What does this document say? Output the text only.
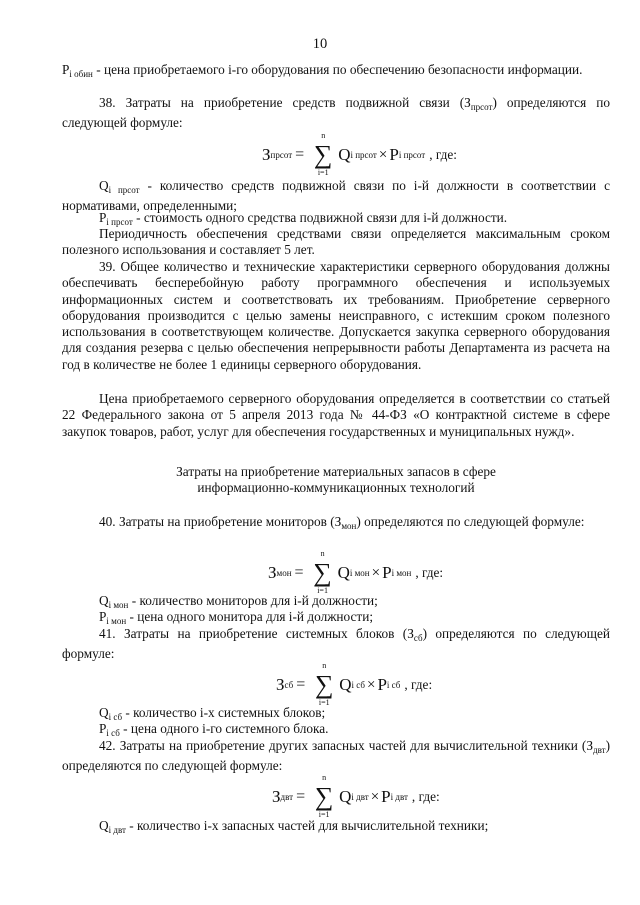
10

$P_{i обин}$ - цена приобретаемого i-го оборудования по обеспечению безопасности информации.

38. Затраты на приобретение средств подвижной связи $(З_{прсот})$ определяются по следующей формуле:

З прсот = ∑
n
i=1
Q i прсот × P i прсот , где:

$Q_{i прсот}$ - количество средств подвижной связи по i-й должности в соответствии с нормативами, определенными;

$P_{i прсот}$ - стоимость одного средства подвижной связи для i-й должности.

Периодичность обеспечения средствами связи определяется максимальным сроком полезного использования и составляет 5 лет.

39. Общее количество и технические характеристики серверного оборудования должны обеспечивать бесперебойную работу программного обеспечения и используемых информационных систем и соответствовать их требованиям. Приобретение серверного оборудования производится с целью замены неисправного, с истекшим сроком полезного использования в соответствующем количестве. Допускается закупка серверного оборудования для создания резерва с целью обеспечения непрерывности работы Департамента из расчета на год в количестве не более 1 единицы серверного оборудования.

Цена приобретаемого серверного оборудования определяется в соответствии со статьей 22 Федерального закона от 5 апреля 2013 года № 44-ФЗ «О контрактной системе в сфере закупок товаров, работ, услуг для обеспечения государственных и муниципальных нужд».

Затраты на приобретение материальных запасов в сфере
информационно-коммуникационных технологий

40. Затраты на приобретение мониторов $(З_{мон})$ определяются по следующей формуле:

З мон = ∑
n
i=1
Q i мон × P i мон , где:

$Q_{i мон}$ - количество мониторов для i-й должности;

$P_{i мон}$ - цена одного монитора для i-й должности;

41. Затраты на приобретение системных блоков $(З_{сб})$ определяются по следующей формуле:

З сб = ∑
n
i=1
Q i сб × P i сб , где:

$Q_{i сб}$ - количество i-х системных блоков;

$P_{i сб}$ - цена одного i-го системного блока.

42. Затраты на приобретение других запасных частей для вычислительной техники $(З_{двт})$ определяются по следующей формуле:

З двт = ∑
n
i=1
Q i двт × P i двт , где:

$Q_{i двт}$ - количество i-х запасных частей для вычислительной техники;
